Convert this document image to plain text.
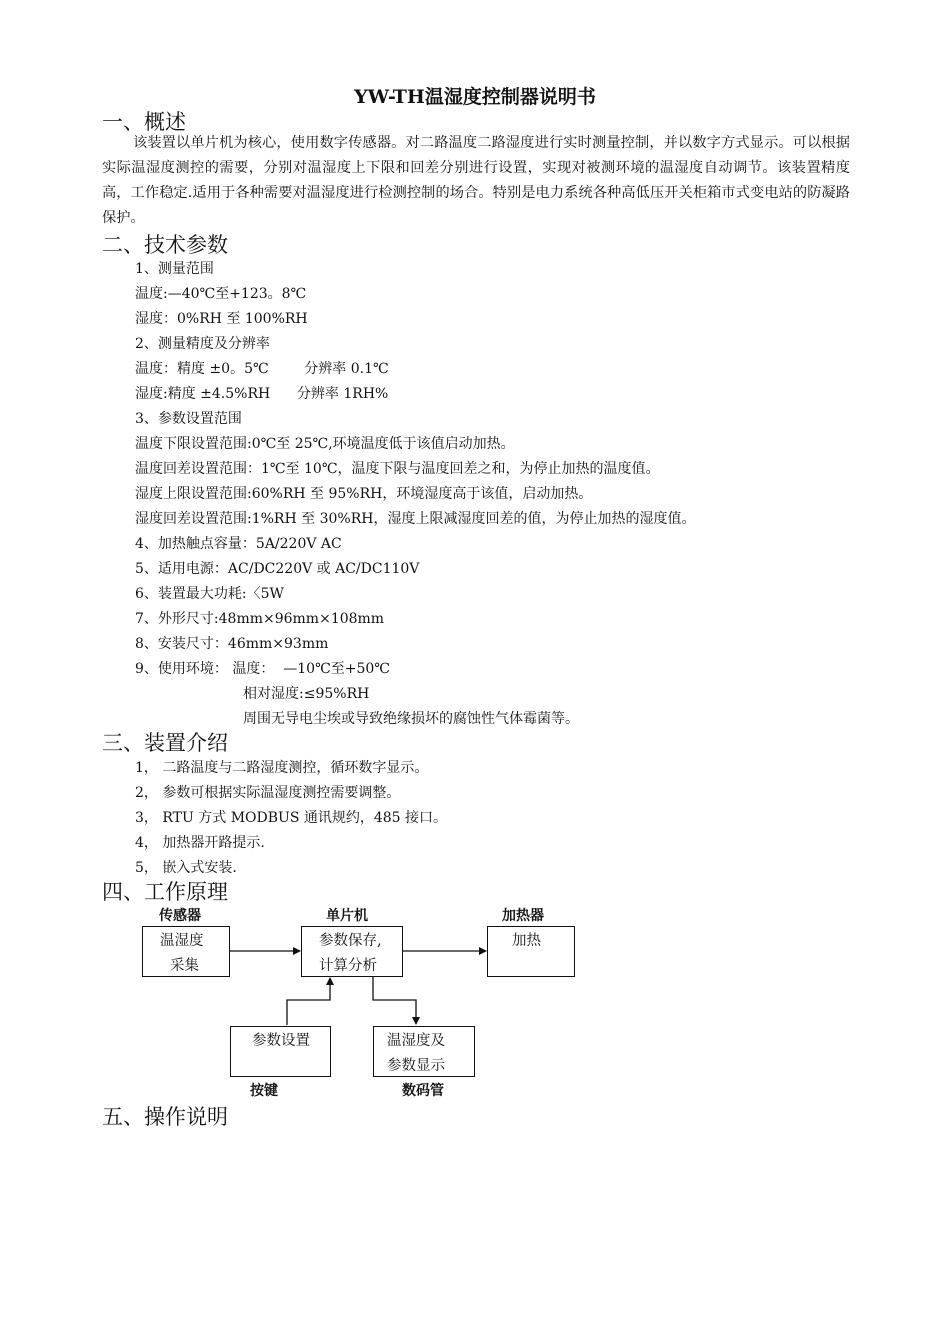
YW-TH温湿度控制器说明书
一、概述

该装置以单片机为核心，使用数字传感器。对二路温度二路湿度进行实时测量控制，并以数字方式显示。可以根据实际温湿度测控的需要，分别对温湿度上下限和回差分别进行设置，实现对被测环境的温湿度自动调节。该装置精度高，工作稳定.适用于各种需要对温湿度进行检测控制的场合。特别是电力系统各种高低压开关柜箱市式变电站的防凝路保护。

二、技术参数
1、测量范围
温度:—40℃至+123。8℃
湿度：0%RH 至 100%RH
2、测量精度及分辨率
温度：精度 ±0。5℃        分辨率 0.1℃
湿度:精度 ±4.5%RH      分辨率 1RH%
3、参数设置范围
温度下限设置范围:0℃至 25℃,环境温度低于该值启动加热。
温度回差设置范围：1℃至 10℃，温度下限与温度回差之和，为停止加热的温度值。
湿度上限设置范围:60%RH 至 95%RH，环境湿度高于该值，启动加热。
湿度回差设置范围:1%RH 至 30%RH，湿度上限减湿度回差的值，为停止加热的湿度值。
4、加热触点容量：5A/220V AC
5、适用电源：AC/DC220V 或 AC/DC110V
6、装置最大功耗:〈5W
7、外形尺寸:48mm×96mm×108mm
8、安装尺寸：46mm×93mm
9、使用环境： 温度：  —10℃至+50℃
相对湿度:≤95%RH
周围无导电尘埃或导致绝缘损坏的腐蚀性气体霉菌等。
三、装置介绍
1， 二路温度与二路湿度测控，循环数字显示。
2， 参数可根据实际温湿度测控需要调整。
3， RTU 方式 MODBUS 通讯规约，485 接口。
4， 加热器开路提示.
5， 嵌入式安装.
四、工作原理
传感器
温湿度
采集
单片机
参数保存,
计算分析
加热器
加热
参数设置
按键
温湿度及
参数显示
数码管
五、操作说明
